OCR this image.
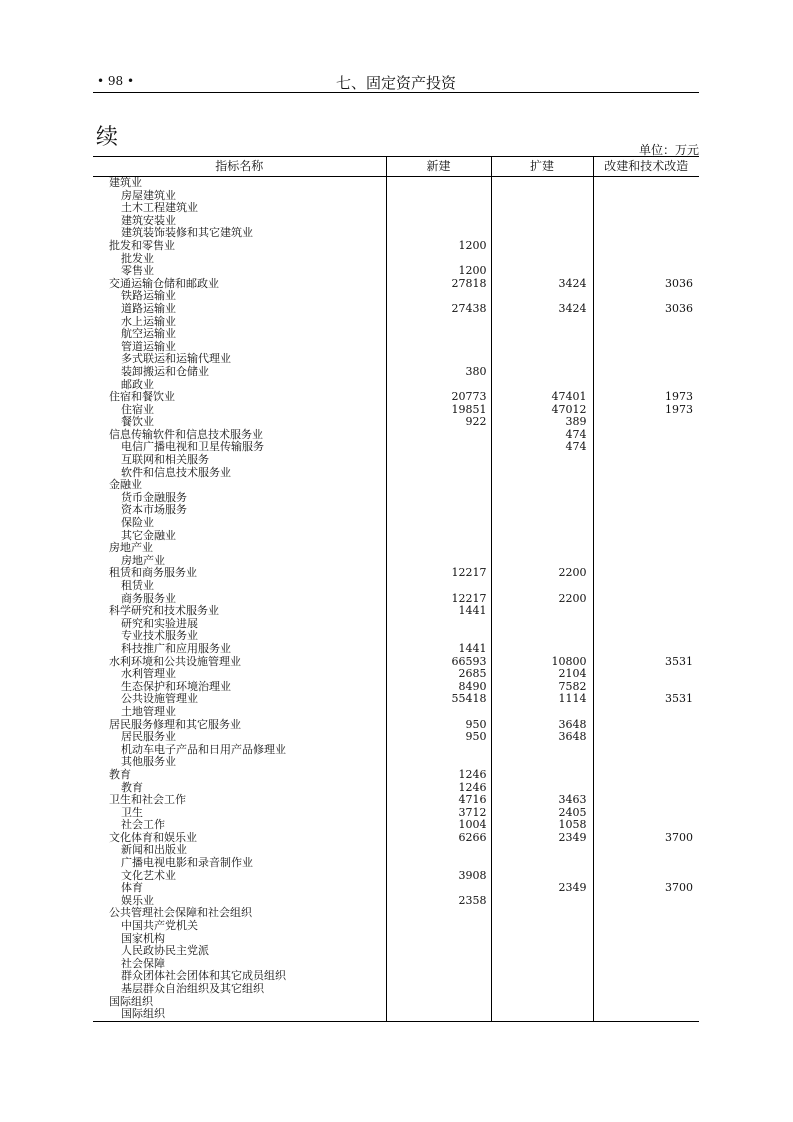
• 98 •	七、固定资产投资
续	单位：万元
指标名称	新建	扩建	改建和技术改造
建筑业			
房屋建筑业			
土木工程建筑业			
建筑安装业			
建筑装饰装修和其它建筑业			
批发和零售业	1200		
批发业			
零售业	1200		
交通运输仓储和邮政业	27818	3424	3036
铁路运输业			
道路运输业	27438	3424	3036
水上运输业			
航空运输业			
管道运输业			
多式联运和运输代理业			
装卸搬运和仓储业	380		
邮政业			
住宿和餐饮业	20773	47401	1973
住宿业	19851	47012	1973
餐饮业	922	389	
信息传输软件和信息技术服务业		474	
电信广播电视和卫星传输服务		474	
互联网和相关服务			
软件和信息技术服务业			
金融业			
货币金融服务			
资本市场服务			
保险业			
其它金融业			
房地产业			
房地产业			
租赁和商务服务业	12217	2200	
租赁业			
商务服务业	12217	2200	
科学研究和技术服务业	1441		
研究和实验进展			
专业技术服务业			
科技推广和应用服务业	1441		
水利环境和公共设施管理业	66593	10800	3531
水利管理业	2685	2104	
生态保护和环境治理业	8490	7582	
公共设施管理业	55418	1114	3531
土地管理业			
居民服务修理和其它服务业	950	3648	
居民服务业	950	3648	
机动车电子产品和日用产品修理业			
其他服务业			
教育	1246		
教育	1246		
卫生和社会工作	4716	3463	
卫生	3712	2405	
社会工作	1004	1058	
文化体育和娱乐业	6266	2349	3700
新闻和出版业			
广播电视电影和录音制作业			
文化艺术业	3908		
体育		2349	3700
娱乐业	2358		
公共管理社会保障和社会组织			
中国共产党机关			
国家机构			
人民政协民主党派			
社会保障			
群众团体社会团体和其它成员组织			
基层群众自治组织及其它组织			
国际组织			
国际组织			
